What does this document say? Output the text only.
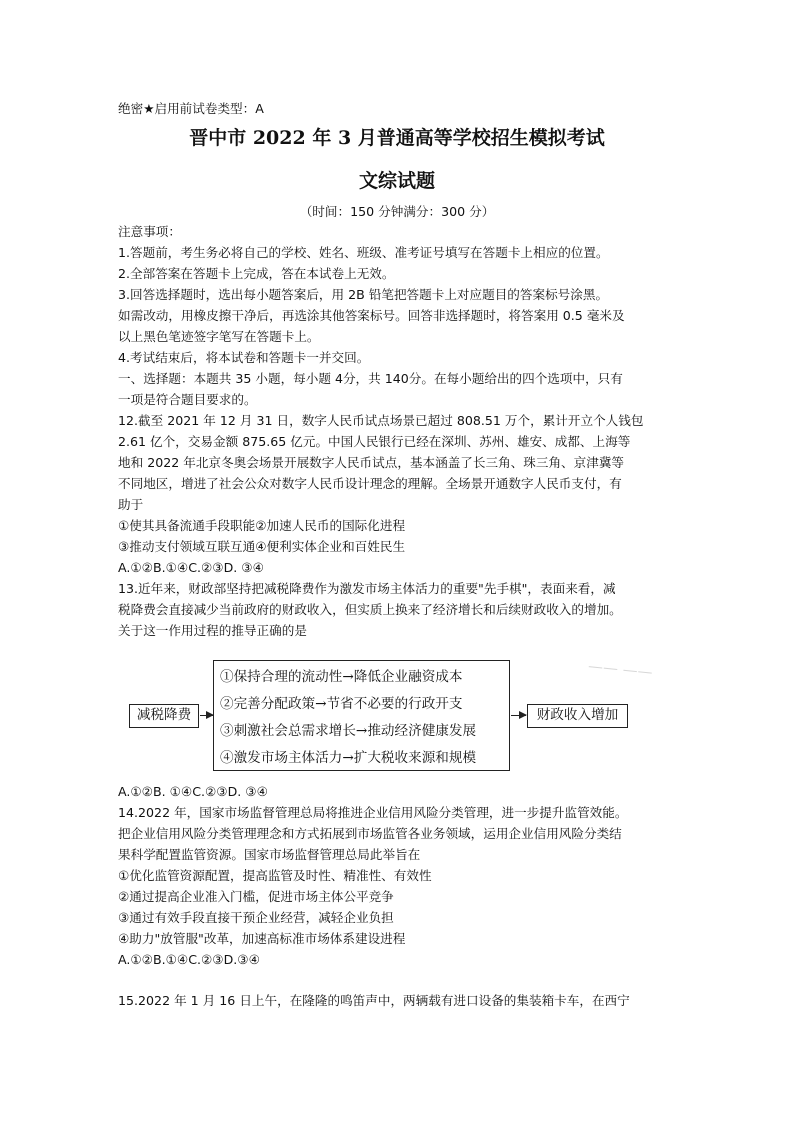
绝密★启用前试卷类型：A
晋中市 2022 年 3 月普通高等学校招生模拟考试
文综试题
（时间：150 分钟满分：300 分）
注意事项：
1.答题前，考生务必将自己的学校、姓名、班级、准考证号填写在答题卡上相应的位置。
2.全部答案在答题卡上完成，答在本试卷上无效。
3.回答选择题时，选出每小题答案后，用 2B 铅笔把答题卡上对应题目的答案标号涂黑。
如需改动，用橡皮擦干净后，再选涂其他答案标号。回答非选择题时，将答案用 0.5 毫米及
以上黑色笔迹签字笔写在答题卡上。
4.考试结束后，将本试卷和答题卡一并交回。
一、选择题：本题共 35 小题，每小题 4分，共 140分。在每小题给出的四个选项中，只有
一项是符合题目要求的。
12.截至 2021 年 12 月 31 日，数字人民币试点场景已超过 808.51 万个，累计开立个人钱包
2.61 亿个，交易金额 875.65 亿元。中国人民银行已经在深圳、苏州、雄安、成都、上海等
地和 2022 年北京冬奥会场景开展数字人民币试点，基本涵盖了长三角、珠三角、京津冀等
不同地区，增进了社会公众对数字人民币设计理念的理解。全场景开通数字人民币支付，有
助于
①使其具备流通手段职能②加速人民币的国际化进程
③推动支付领域互联互通④便利实体企业和百姓民生
A.①②B.①④C.②③D. ③④
13.近年来，财政部坚持把减税降费作为激发市场主体活力的重要"先手棋"，表面来看，减
税降费会直接减少当前政府的财政收入，但实质上换来了经济增长和后续财政收入的增加。
关于这一作用过程的推导正确的是
—— ——
减税降费
①保持合理的流动性→降低企业融资成本
②完善分配政策→节省不必要的行政开支
③刺激社会总需求增长→推动经济健康发展
④激发市场主体活力→扩大税收来源和规模
财政收入增加
A.①②B. ①④C.②③D. ③④
14.2022 年，国家市场监督管理总局将推进企业信用风险分类管理，进一步提升监管效能。
把企业信用风险分类管理理念和方式拓展到市场监管各业务领域，运用企业信用风险分类结
果科学配置监管资源。国家市场监督管理总局此举旨在
①优化监管资源配置，提高监管及时性、精准性、有效性
②通过提高企业准入门槛，促进市场主体公平竞争
③通过有效手段直接干预企业经营，减轻企业负担
④助力"放管服"改革，加速高标准市场体系建设进程
A.①②B.①④C.②③D.③④
15.2022 年 1 月 16 日上午，在隆隆的鸣笛声中，两辆载有进口设备的集装箱卡车，在西宁
